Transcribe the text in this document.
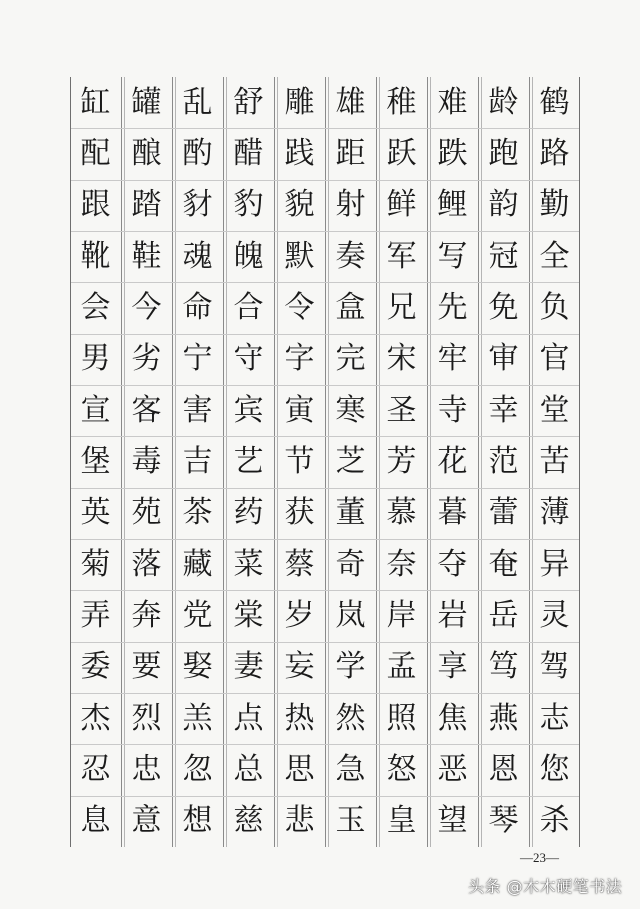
缸 罐 乱 舒 雕 雄 稚 难 龄 鹤
配 酿 酌 醋 践 距 跃 跌 跑 路
跟 踏 豺 豹 貌 射 鲜 鲤 韵 勤
靴 鞋 魂 魄 默 奏 军 写 冠 全
会 今 命 合 令 盒 兄 先 免 负
男 劣 宁 守 字 完 宋 牢 审 官
宣 客 害 宾 寅 寒 圣 寺 幸 堂
堡 毒 吉 艺 节 芝 芳 花 范 苦
英 苑 茶 药 获 董 慕 暮 蕾 薄
菊 落 藏 菜 蔡 奇 奈 夺 奄 异
弄 奔 党 棠 岁 岚 岸 岩 岳 灵
委 要 娶 妻 妄 学 孟 享 笃 驾
杰 烈 羔 点 热 然 照 焦 燕 志
忍 忠 忽 总 思 急 怒 恶 恩 您
息 意 想 慈 悲 玉 皇 望 琴 杀
—23—
头条 @木木硬笔书法
